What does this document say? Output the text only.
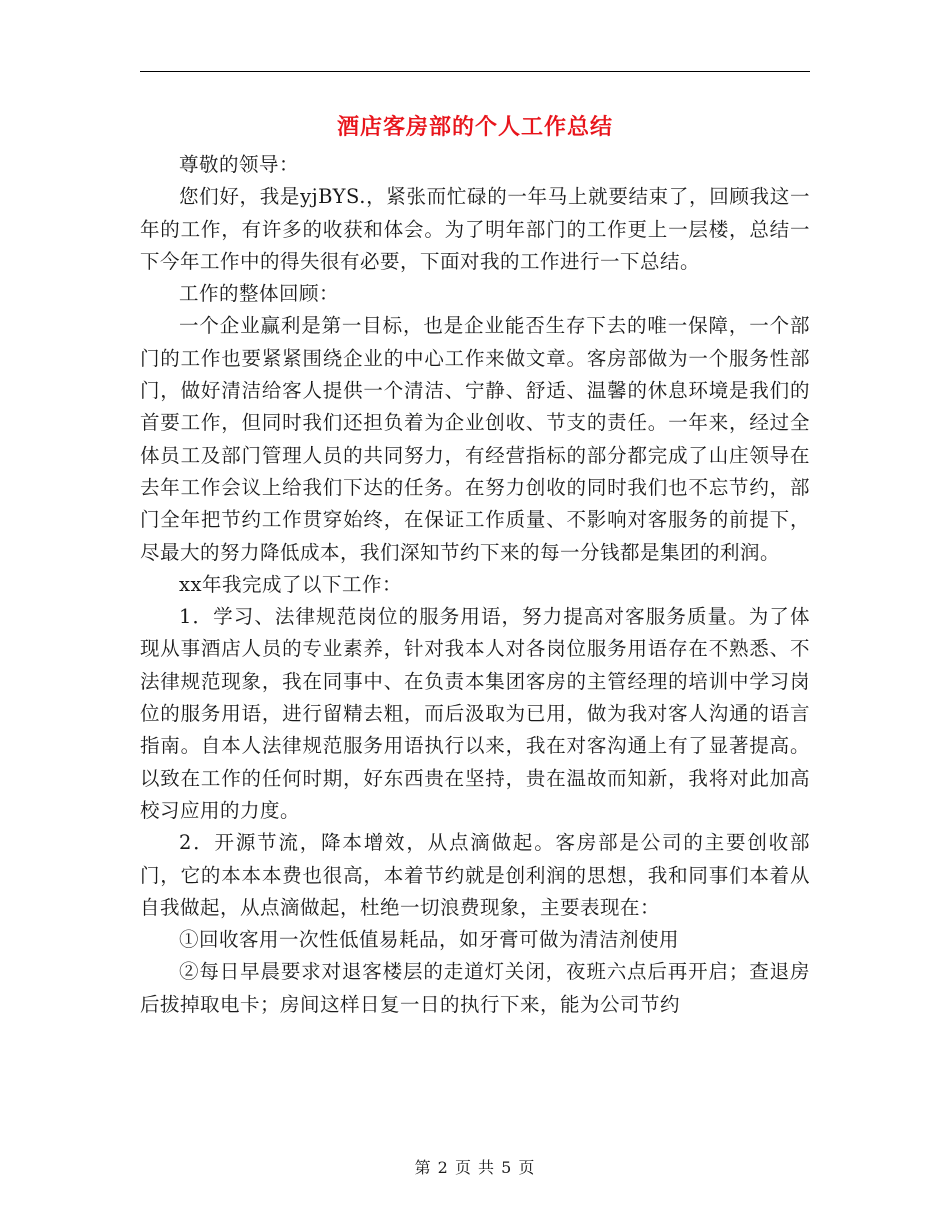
酒店客房部的个人工作总结

尊敬的领导：

您们好，我是yjBYS.，紧张而忙碌的一年马上就要结束了，回顾我这一年的工作，有许多的收获和体会。为了明年部门的工作更上一层楼，总结一下今年工作中的得失很有必要，下面对我的工作进行一下总结。

工作的整体回顾：

一个企业赢利是第一目标，也是企业能否生存下去的唯一保障，一个部门的工作也要紧紧围绕企业的中心工作来做文章。客房部做为一个服务性部门，做好清洁给客人提供一个清洁、宁静、舒适、温馨的休息环境是我们的首要工作，但同时我们还担负着为企业创收、节支的责任。一年来，经过全体员工及部门管理人员的共同努力，有经营指标的部分都完成了山庄领导在去年工作会议上给我们下达的任务。在努力创收的同时我们也不忘节约，部门全年把节约工作贯穿始终，在保证工作质量、不影响对客服务的前提下，尽最大的努力降低成本，我们深知节约下来的每一分钱都是集团的利润。

xx年我完成了以下工作：

1．学习、法律规范岗位的服务用语，努力提高对客服务质量。为了体现从事酒店人员的专业素养，针对我本人对各岗位服务用语存在不熟悉、不法律规范现象，我在同事中、在负责本集团客房的主管经理的培训中学习岗位的服务用语，进行留精去粗，而后汲取为已用，做为我对客人沟通的语言指南。自本人法律规范服务用语执行以来，我在对客沟通上有了显著提高。以致在工作的任何时期，好东西贵在坚持，贵在温故而知新，我将对此加高校习应用的力度。

2．开源节流，降本增效，从点滴做起。客房部是公司的主要创收部门，它的本本本费也很高，本着节约就是创利润的思想，我和同事们本着从自我做起，从点滴做起，杜绝一切浪费现象，主要表现在：

①回收客用一次性低值易耗品，如牙膏可做为清洁剂使用

②每日早晨要求对退客楼层的走道灯关闭，夜班六点后再开启；查退房后拔掉取电卡；房间这样日复一日的执行下来，能为公司节约

第 2 页 共 5 页
